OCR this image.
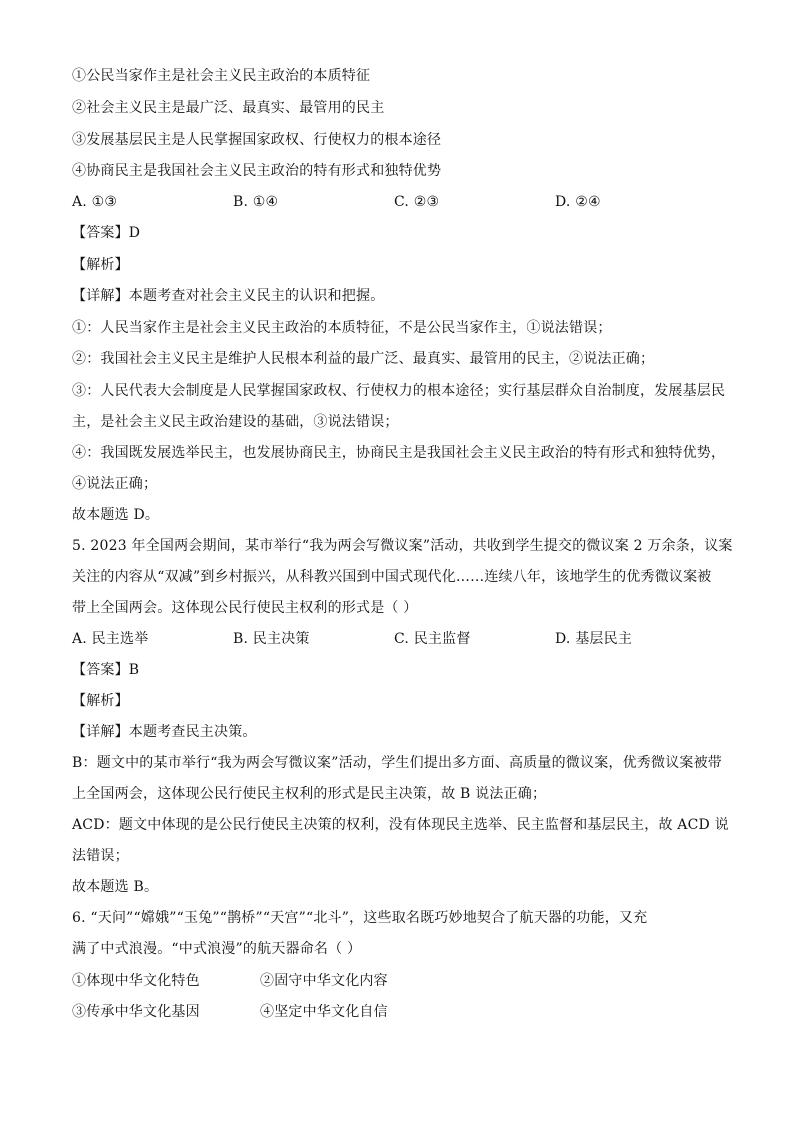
①公民当家作主是社会主义民主政治的本质特征
②社会主义民主是最广泛、最真实、最管用的民主
③发展基层民主是人民掌握国家政权、行使权力的根本途径
④协商民主是我国社会主义民主政治的特有形式和独特优势
A. ①③	B. ①④	C. ②③	D. ②④
【答案】D
【解析】
【详解】本题考查对社会主义民主的认识和把握。
①：人民当家作主是社会主义民主政治的本质特征，不是公民当家作主，①说法错误；
②：我国社会主义民主是维护人民根本利益的最广泛、最真实、最管用的民主，②说法正确；
③：人民代表大会制度是人民掌握国家政权、行使权力的根本途径；实行基层群众自治制度，发展基层民
主，是社会主义民主政治建设的基础，③说法错误；
④：我国既发展选举民主，也发展协商民主，协商民主是我国社会主义民主政治的特有形式和独特优势，
④说法正确；
故本题选 D。
5. 2023 年全国两会期间，某市举行“我为两会写微议案”活动，共收到学生提交的微议案 2 万余条，议案
关注的内容从“双减”到乡村振兴，从科教兴国到中国式现代化……连续八年，该地学生的优秀微议案被
带上全国两会。这体现公民行使民主权利的形式是（ ）
A. 民主选举	B. 民主决策	C. 民主监督	D. 基层民主
【答案】B
【解析】
【详解】本题考查民主决策。
B：题文中的某市举行“我为两会写微议案”活动，学生们提出多方面、高质量的微议案，优秀微议案被带
上全国两会，这体现公民行使民主权利的形式是民主决策，故 B 说法正确；
ACD：题文中体现的是公民行使民主决策的权利，没有体现民主选举、民主监督和基层民主，故 ACD 说
法错误；
故本题选 B。
6. “天问”“嫦娥”“玉兔”“鹊桥”“天宫”“北斗”，这些取名既巧妙地契合了航天器的功能，又充
满了中式浪漫。“中式浪漫”的航天器命名（ ）
①体现中华文化特色	②固守中华文化内容
③传承中华文化基因	④坚定中华文化自信
